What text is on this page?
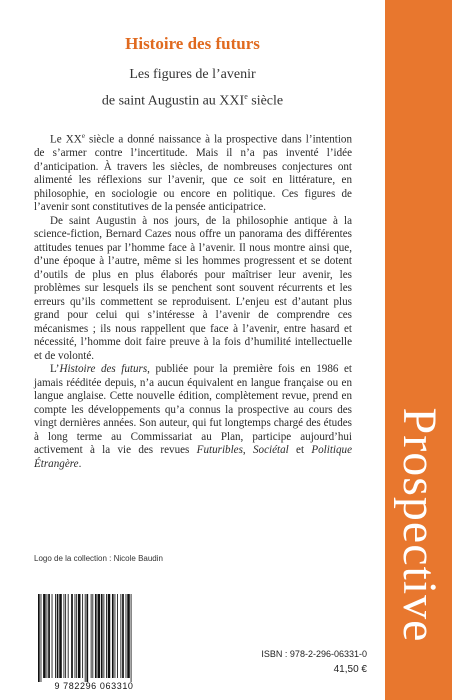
Prospective
Histoire des futurs
Les figures de l’avenir
de saint Augustin au XXIe siècle

Le XXe siècle a donné naissance à la prospective dans l’intention de s’armer contre l’incertitude. Mais il n’a pas inventé l’idée d’anticipation. À travers les siècles, de nombreuses conjectures ont alimenté les réflexions sur l’avenir, que ce soit en littérature, en philosophie, en sociologie ou encore en politique. Ces figures de l’avenir sont constitutives de la pensée anticipatrice.

De saint Augustin à nos jours, de la philosophie antique à la science-fiction, Bernard Cazes nous offre un panorama des différentes attitudes tenues par l’homme face à l’avenir. Il nous montre ainsi que, d’une époque à l’autre, même si les hommes progressent et se dotent d’outils de plus en plus élaborés pour maîtriser leur avenir, les problèmes sur lesquels ils se penchent sont souvent récurrents et les erreurs qu’ils commettent se reproduisent. L’enjeu est d’autant plus grand pour celui qui s’intéresse à l’avenir de comprendre ces mécanismes ; ils nous rappellent que face à l’avenir, entre hasard et nécessité, l’homme doit faire preuve à la fois d’humilité intellectuelle et de volonté.

L’Histoire des futurs, publiée pour la première fois en 1986 et jamais rééditée depuis, n’a aucun équivalent en langue française ou en langue anglaise. Cette nouvelle édition, complètement revue, prend en compte les développements qu’a connus la prospective au cours des vingt dernières années. Son auteur, qui fut longtemps chargé des études à long terme au Commissariat au Plan, participe aujourd’hui activement à la vie des revues Futuribles, Sociétal et Politique Étrangère.

Logo de la collection : Nicole Baudin
9 782296 063310
ISBN : 978-2-296-06331-0
41,50 €
